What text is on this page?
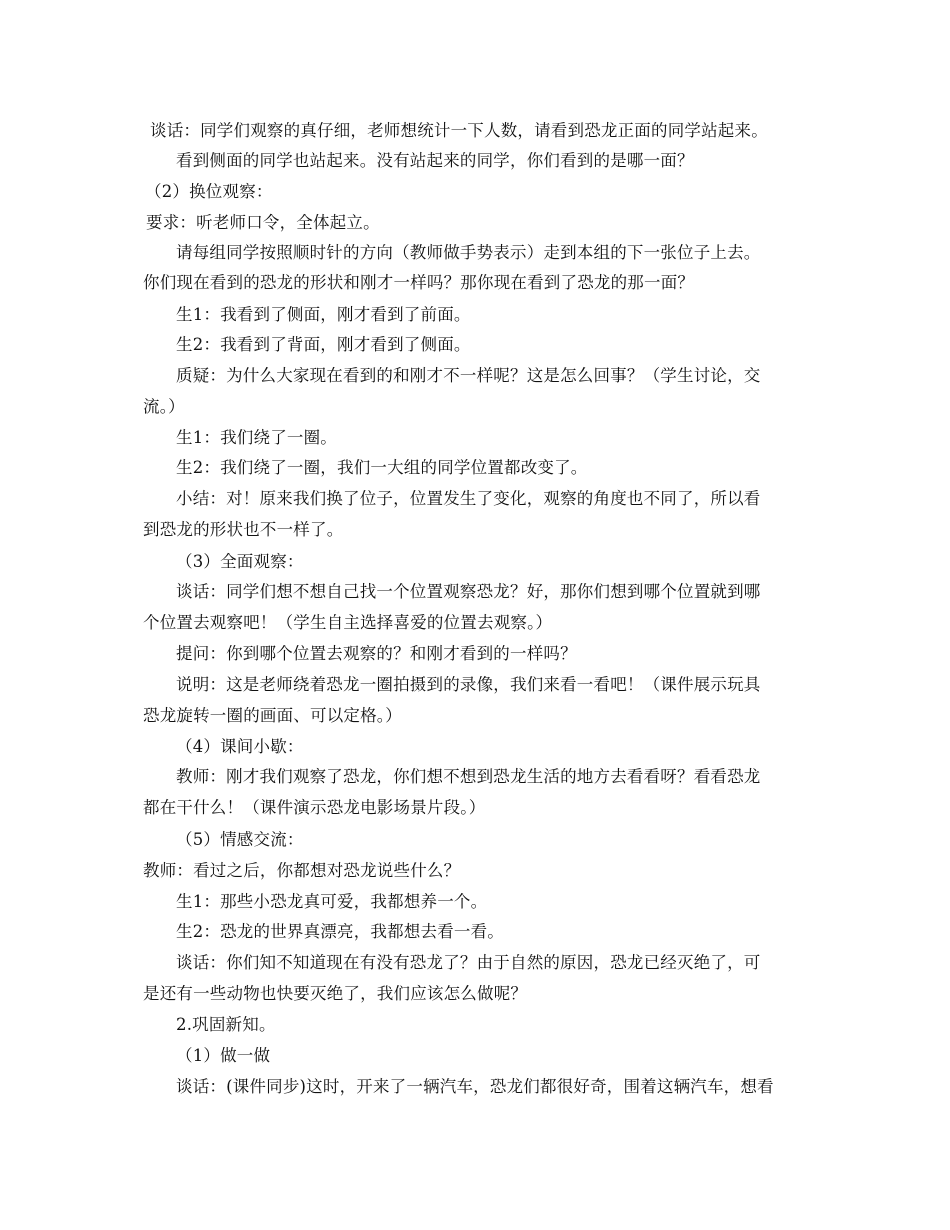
谈话：同学们观察的真仔细，老师想统计一下人数，请看到恐龙正面的同学站起来。
看到侧面的同学也站起来。没有站起来的同学，你们看到的是哪一面？
（2）换位观察：
要求：听老师口令，全体起立。
请每组同学按照顺时针的方向（教师做手势表示）走到本组的下一张位子上去。
你们现在看到的恐龙的形状和刚才一样吗？那你现在看到了恐龙的那一面？
生1：我看到了侧面，刚才看到了前面。
生2：我看到了背面，刚才看到了侧面。
质疑：为什么大家现在看到的和刚才不一样呢？这是怎么回事？（学生讨论，交
流。）
生1：我们绕了一圈。
生2：我们绕了一圈，我们一大组的同学位置都改变了。
小结：对！原来我们换了位子，位置发生了变化，观察的角度也不同了，所以看
到恐龙的形状也不一样了。
（3）全面观察：
谈话：同学们想不想自己找一个位置观察恐龙？好，那你们想到哪个位置就到哪
个位置去观察吧！（学生自主选择喜爱的位置去观察。）
提问：你到哪个位置去观察的？和刚才看到的一样吗？
说明：这是老师绕着恐龙一圈拍摄到的录像，我们来看一看吧！（课件展示玩具
恐龙旋转一圈的画面、可以定格。）
（4）课间小歇：
教师：刚才我们观察了恐龙，你们想不想到恐龙生活的地方去看看呀？看看恐龙
都在干什么！（课件演示恐龙电影场景片段。）
（5）情感交流：
教师：看过之后，你都想对恐龙说些什么？
生1：那些小恐龙真可爱，我都想养一个。
生2：恐龙的世界真漂亮，我都想去看一看。
谈话：你们知不知道现在有没有恐龙了？由于自然的原因，恐龙已经灭绝了，可
是还有一些动物也快要灭绝了，我们应该怎么做呢？
2.巩固新知。
（1）做一做
谈话：(课件同步)这时，开来了一辆汽车，恐龙们都很好奇，围着这辆汽车，想看
